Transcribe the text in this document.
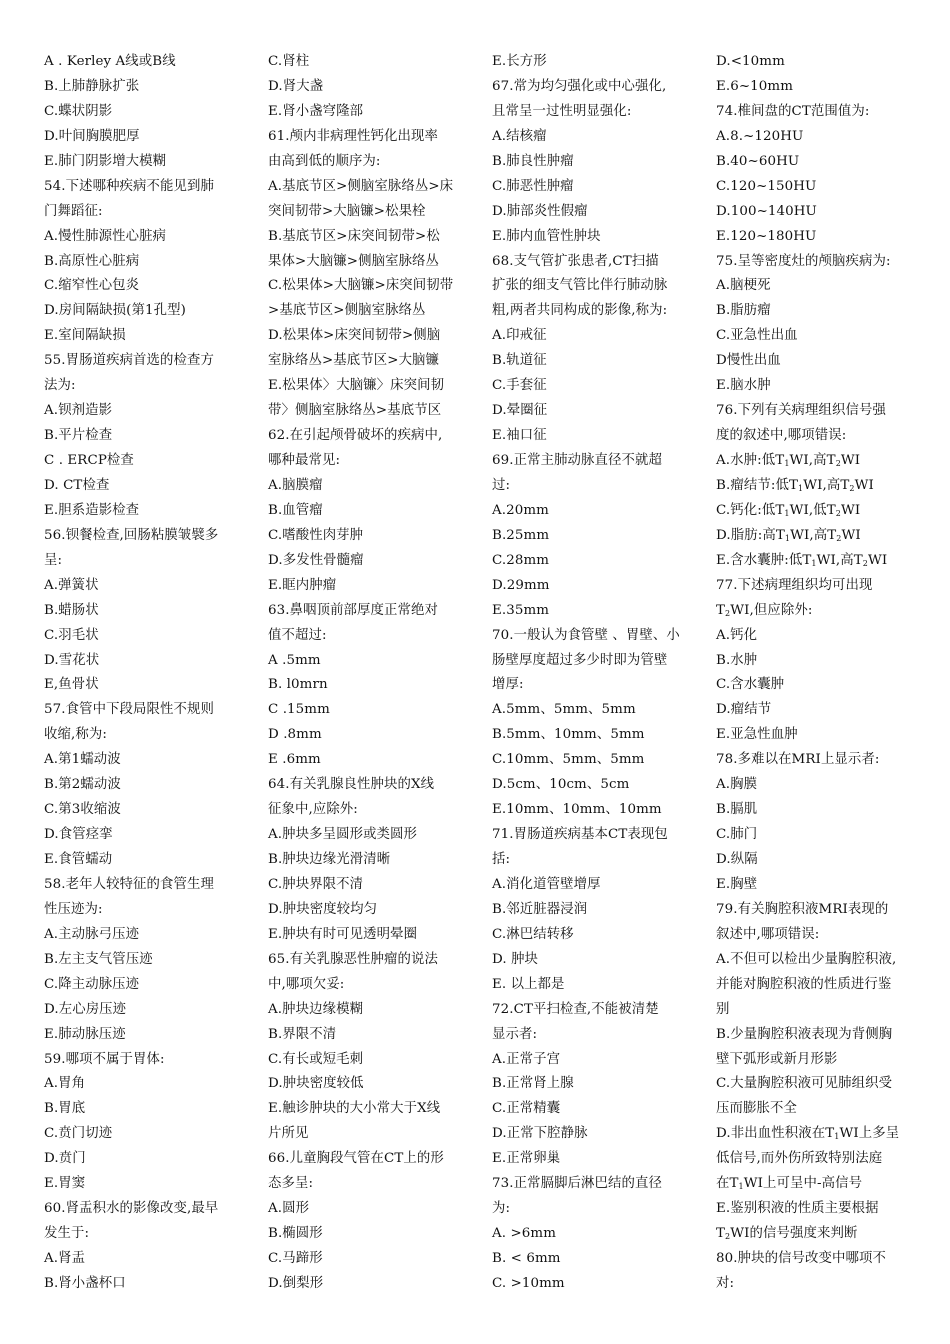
A . Kerley A线或B线
B.上肺静脉扩张
C.蝶状阴影
D.叶间胸膜肥厚
E.肺门阴影增大模糊
54.下述哪种疾病不能见到肺
门舞蹈征:
A.慢性肺源性心脏病
B.高原性心脏病
C.缩窄性心包炎
D.房间隔缺损(第1孔型)
E.室间隔缺损
55.胃肠道疾病首选的检查方
法为:
A.钡剂造影
B.平片检查
C . ERCP检查
D. CT检查
E.胆系造影检查
56.钡餐检查,回肠粘膜皱襞多
呈:
A.弹簧状
B.蜡肠状
C.羽毛状
D.雪花状
E,鱼骨状
57.食管中下段局限性不规则
收缩,称为:
A.第1蠕动波
B.第2蠕动波
C.第3收缩波
D.食管痉挛
E.食管蠕动
58.老年人较特征的食管生理
性压迹为:
A.主动脉弓压迹
B.左主支气管压迹
C.降主动脉压迹
D.左心房压迹
E.肺动脉压迹
59.哪项不属于胃体:
A.胃角
B.胃底
C.贲门切迹
D.贲门
E.胃窦
60.肾盂积水的影像改变,最早
发生于:
A.肾盂
B.肾小盏杯口
C.肾柱
D.肾大盏
E.肾小盏穹隆部
61.颅内非病理性钙化出现率
由高到低的顺序为:
A.基底节区>侧脑室脉络丛>床
突间韧带>大脑镰>松果栓
B.基底节区>床突间韧带>松
果体>大脑镰>侧脑室脉络丛
C.松果体>大脑镰>床突间韧带
>基底节区>侧脑室脉络丛
D.松果体>床突间韧带>侧脑
室脉络丛>基底节区>大脑镰
E.松果体〉大脑镰〉床突间韧
带〉侧脑室脉络丛>基底节区
62.在引起颅骨破坏的疾病中,
哪种最常见:
A.脑膜瘤
B.血管瘤
C.嗜酸性肉芽肿
D.多发性骨髓瘤
E.眶内肿瘤
63.鼻咽顶前部厚度正常绝对
值不超过:
A .5mm
B. l0mrn
C .15mm
D .8mm
E .6mm
64.有关乳腺良性肿块的X线
征象中,应除外:
A.肿块多呈圆形或类圆形
B.肿块边缘光滑清晰
C.肿块界限不清
D.肿块密度较均匀
E.肿块有时可见透明晕圈
65.有关乳腺恶性肿瘤的说法
中,哪项欠妥:
A.肿块边缘模糊
B.界限不清
C.有长或短毛刺
D.肿块密度较低
E.触诊肿块的大小常大于X线
片所见
66.儿童胸段气管在CT上的形
态多呈:
A.圆形
B.椭圆形
C.马蹄形
D.倒梨形
E.长方形
67.常为均匀强化或中心强化,
且常呈一过性明显强化:
A.结核瘤
B.肺良性肿瘤
C.肺恶性肿瘤
D.肺部炎性假瘤
E.肺内血管性肿块
68.支气管扩张患者,CT扫描
扩张的细支气管比伴行肺动脉
粗,两者共同构成的影像,称为:
A.印戒征
B.轨道征
C.手套征
D.晕圈征
E.袖口征
69.正常主肺动脉直径不就超
过:
A.20mm
B.25mm
C.28mm
D.29mm
E.35mm
70.一般认为食管壁 、胃壁、小
肠壁厚度超过多少时即为管壁
增厚:
A.5mm、5mm、5mm
B.5mm、10mm、5mm
C.10mm、5mm、5mm
D.5cm、10cm、5cm
E.10mm、10mm、10mm
71.胃肠道疾病基本CT表现包
括:
A.消化道管壁增厚
B.邻近脏器浸润
C.淋巴结转移
D. 肿块
E. 以上都是
72.CT平扫检查,不能被清楚
显示者:
A.正常子宫
B.正常肾上腺
C.正常精囊
D.正常下腔静脉
E.正常卵巢
73.正常膈脚后淋巴结的直径
为:
A. >6mm
B. < 6mm
C. >10mm
D.<10mm
E.6~10mm
74.椎间盘的CT范围值为:
A.8.~120HU
B.40~60HU
C.120~150HU
D.100~140HU
E.120~180HU
75.呈等密度灶的颅脑疾病为:
A.脑梗死
B.脂肪瘤
C.亚急性出血
D慢性出血
E.脑水肿
76.下列有关病理组织信号强
度的叙述中,哪项错误:
A.水肿:低$T_1WI$,高$T_2WI$
B.瘤结节:低$T_1WI$,高$T_2WI$
C.钙化:低$T_1WI$,低$T_2WI$
D.脂肪:高$T_1WI$,高$T_2WI$
E.含水囊肿:低$T_1WI$,高$T_2WI$
77.下述病理组织均可出现
$T_2WI$,但应除外:
A.钙化
B.水肿
C.含水囊肿
D.瘤结节
E.亚急性血肿
78.多难以在MRI上显示者:
A.胸膜
B.膈肌
C.肺门
D.纵隔
E.胸壁
79.有关胸腔积液MRI表现的
叙述中,哪项错误:
A.不但可以检出少量胸腔积液,
并能对胸腔积液的性质进行鉴
别
B.少量胸腔积液表现为背侧胸
壁下弧形或新月形影
C.大量胸腔积液可见肺组织受
压而膨胀不全
D.非出血性积液在$T_1WI$上多呈
低信号,而外伤所致特别法庭
在$T_1WI$上可呈中-高信号
E.鉴别积液的性质主要根据
$T_2WI$的信号强度来判断
80.肿块的信号改变中哪项不
对:
